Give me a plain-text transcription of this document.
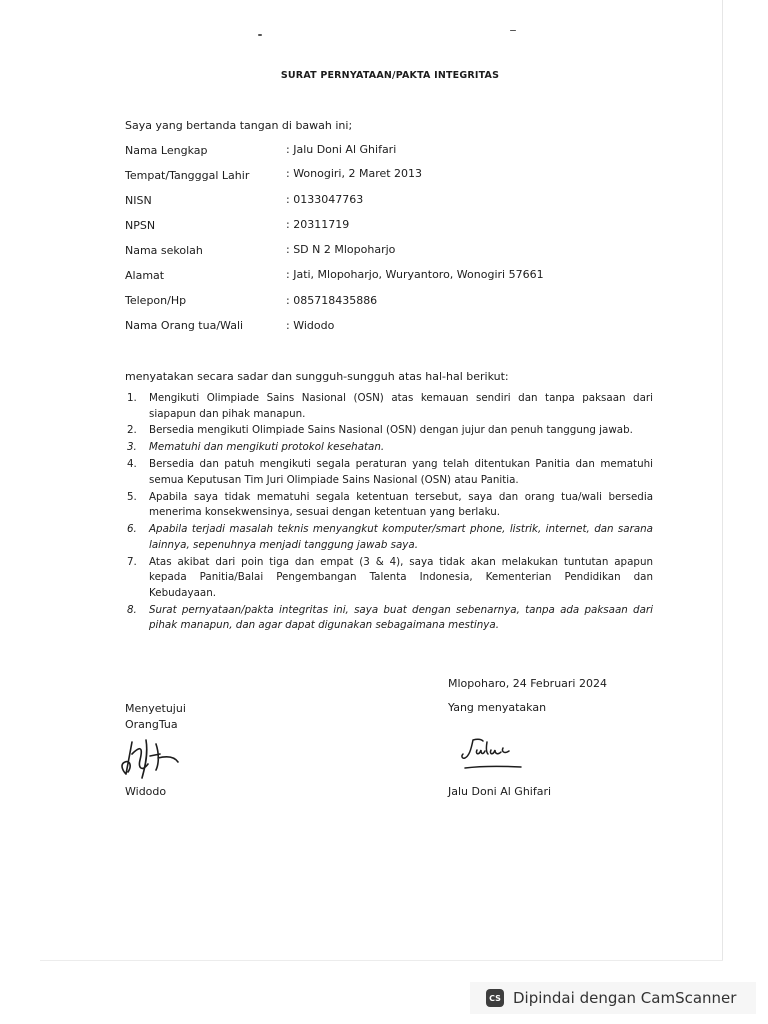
SURAT PERNYATAAN/PAKTA INTEGRITAS
Saya yang bertanda tangan di bawah ini;
Nama Lengkap	: Jalu Doni Al Ghifari
Tempat/Tangggal Lahir	: Wonogiri, 2 Maret 2013
NISN	: 0133047763
NPSN	: 20311719
Nama sekolah	: SD N 2 Mlopoharjo
Alamat	: Jati, Mlopoharjo, Wuryantoro, Wonogiri 57661
Telepon/Hp	: 085718435886
Nama Orang tua/Wali	: Widodo
menyatakan secara sadar dan sungguh-sungguh atas hal-hal berikut:
1. Mengikuti Olimpiade Sains Nasional (OSN) atas kemauan sendiri dan tanpa paksaan dari siapapun dan pihak manapun.
2. Bersedia mengikuti Olimpiade Sains Nasional (OSN) dengan jujur dan penuh tanggung jawab.
3. Mematuhi dan mengikuti protokol kesehatan.
4. Bersedia dan patuh mengikuti segala peraturan yang telah ditentukan Panitia dan mematuhi semua Keputusan Tim Juri Olimpiade Sains Nasional (OSN) atau Panitia.
5. Apabila saya tidak mematuhi segala ketentuan tersebut, saya dan orang tua/wali bersedia menerima konsekwensinya, sesuai dengan ketentuan yang berlaku.
6. Apabila terjadi masalah teknis menyangkut komputer/smart phone, listrik, internet, dan sarana lainnya, sepenuhnya menjadi tanggung jawab saya.
7. Atas akibat dari poin tiga dan empat (3 & 4), saya tidak akan melakukan tuntutan apapun kepada Panitia/Balai Pengembangan Talenta Indonesia, Kementerian Pendidikan dan Kebudayaan.
8. Surat pernyataan/pakta integritas ini, saya buat dengan sebenarnya, tanpa ada paksaan dari pihak manapun, dan agar dapat digunakan sebagaimana mestinya.
Mlopoharo, 24 Februari 2024
Menyetujui
OrangTua
Yang menyatakan
Widodo	Jalu Doni Al Ghifari
CS Dipindai dengan CamScanner
